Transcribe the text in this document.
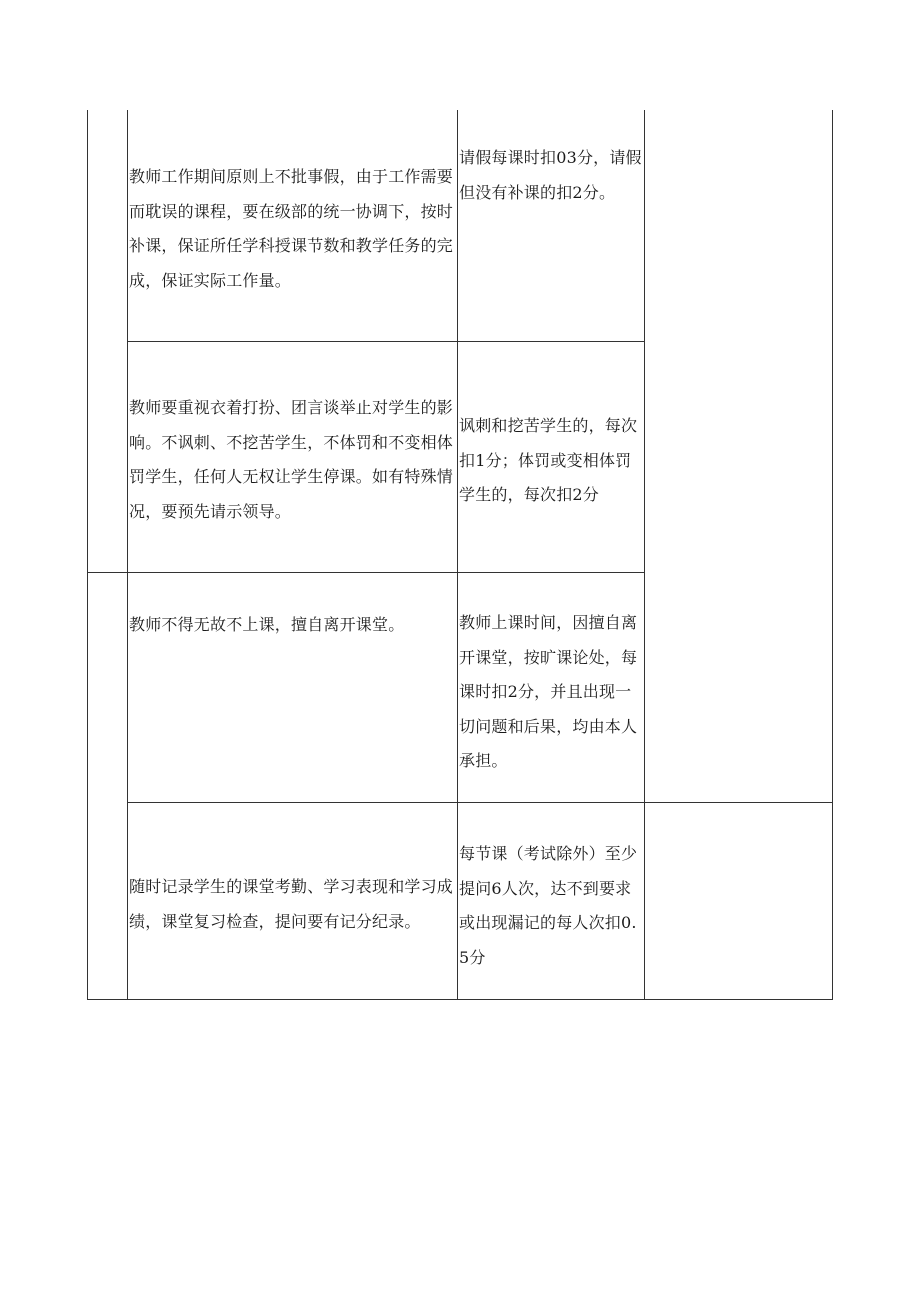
教师工作期间原则上不批事假，由于工作需要而耽误的课程，要在级部的统一协调下，按时补课，保证所任学科授课节数和教学任务的完成，保证实际工作量。
请假每课时扣03分，请假但没有补课的扣2分。
教师要重视衣着打扮、团言谈举止对学生的影响。不讽刺、不挖苦学生，不体罚和不变相体罚学生，任何人无权让学生停课。如有特殊情况，要预先请示领导。
讽刺和挖苦学生的，每次扣1分；体罚或变相体罚学生的，每次扣2分
教师不得无故不上课，擅自离开课堂。	教师上课时间，因擅自离开课堂，按旷课论处，每课时扣2分，并且出现一切问题和后果，均由本人承担。
随时记录学生的课堂考勤、学习表现和学习成绩，课堂复习检查，提问要有记分纪录。
每节课（考试除外）至少提问6人次，达不到要求或出现漏记的每人次扣0.5分
